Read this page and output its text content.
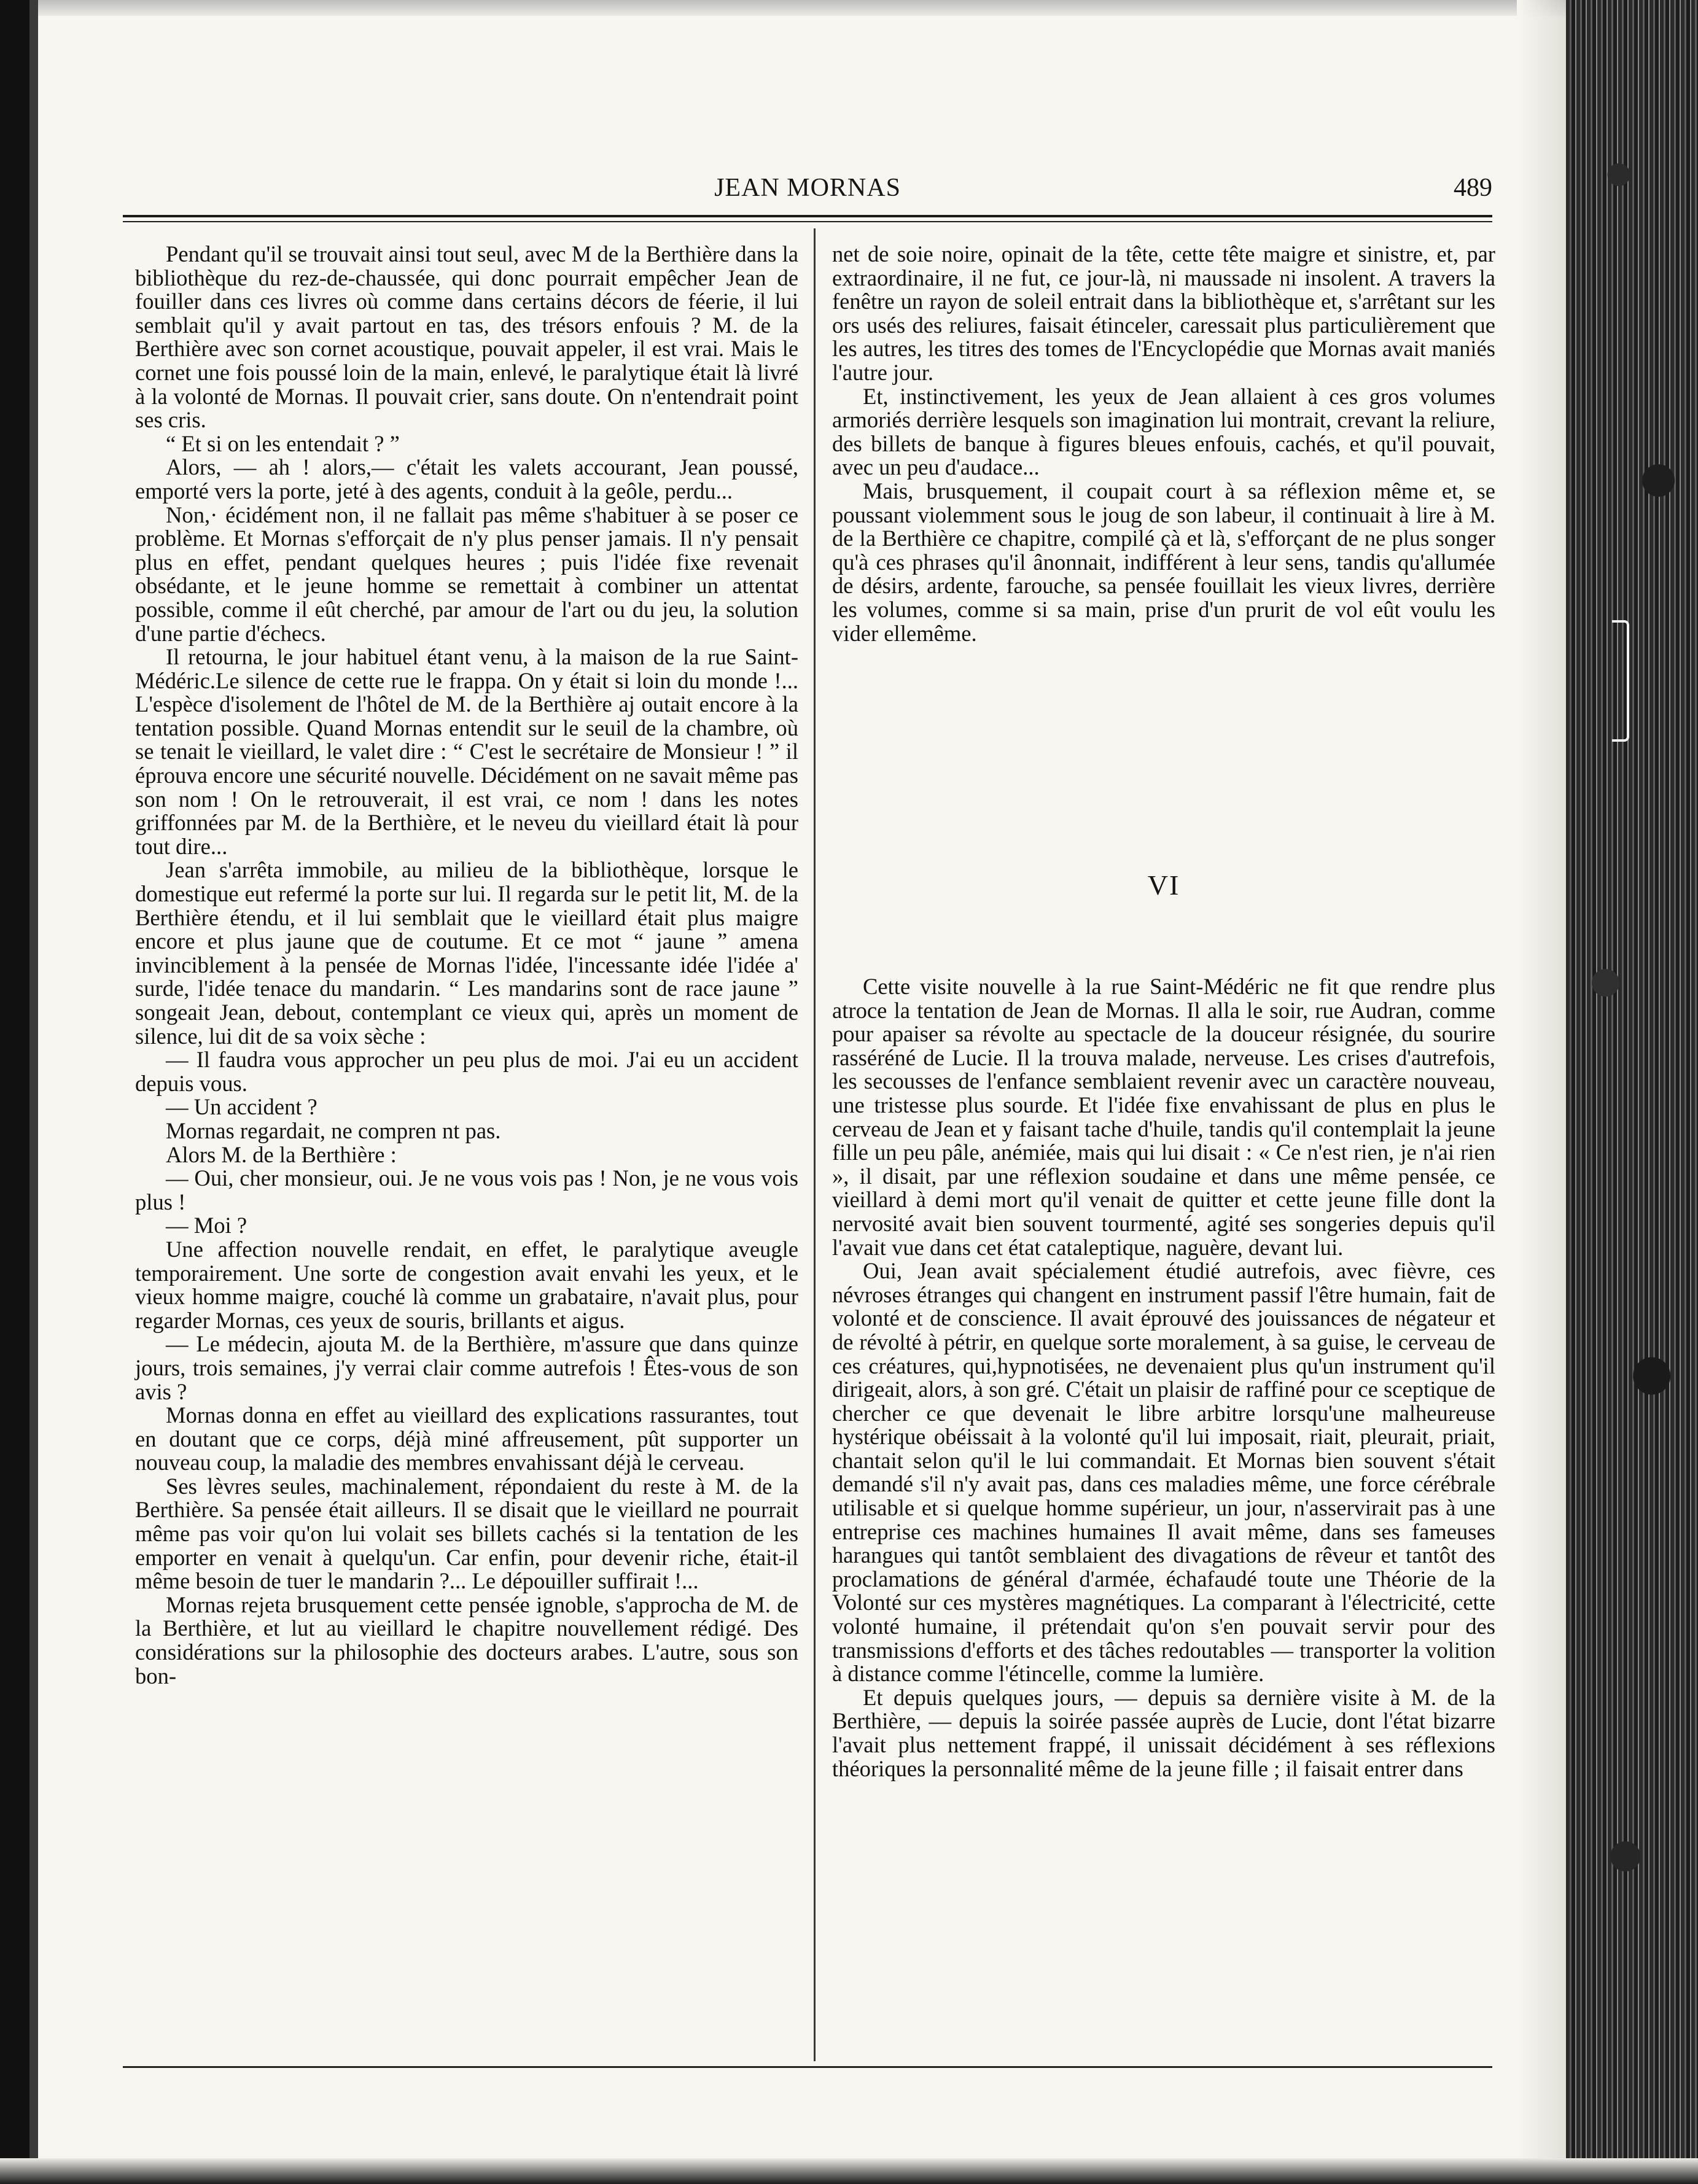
JEAN MORNAS	489

Pendant qu'il se trouvait ainsi tout seul, avec M de la Berthière dans la bibliothèque du rez-de-chaussée, qui donc pourrait empêcher Jean de fouiller dans ces livres où comme dans certains décors de féerie, il lui semblait qu'il y avait partout en tas, des trésors enfouis ? M. de la Berthière avec son cornet acoustique, pouvait appeler, il est vrai. Mais le cornet une fois poussé loin de la main, enlevé, le paralytique était là livré à la volonté de Mornas. Il pouvait crier, sans doute. On n'entendrait point ses cris.

“ Et si on les entendait ? ”

Alors, — ah ! alors,— c'était les valets accourant, Jean poussé, emporté vers la porte, jeté à des agents, conduit à la geôle, perdu...

Non,· écidément non, il ne fallait pas même s'habituer à se poser ce problème. Et Mornas s'efforçait de n'y plus penser jamais. Il n'y pensait plus en effet, pendant quelques heures ; puis l'idée fixe revenait obsédante, et le jeune homme se remettait à combiner un attentat possible, comme il eût cherché, par amour de l'art ou du jeu, la solution d'une partie d'échecs.

Il retourna, le jour habituel étant venu, à la maison de la rue Saint-Médéric.Le silence de cette rue le frappa. On y était si loin du monde !... L'espèce d'isolement de l'hôtel de M. de la Berthière aj outait encore à la tentation possible. Quand Mornas entendit sur le seuil de la chambre, où se tenait le vieillard, le valet dire : “ C'est le secrétaire de Monsieur ! ” il éprouva encore une sécurité nouvelle. Décidément on ne savait même pas son nom ! On le retrouverait, il est vrai, ce nom ! dans les notes griffonnées par M. de la Berthière, et le neveu du vieillard était là pour tout dire...

Jean s'arrêta immobile, au milieu de la bibliothèque, lorsque le domestique eut refermé la porte sur lui. Il regarda sur le petit lit, M. de la Berthière étendu, et il lui semblait que le vieillard était plus maigre encore et plus jaune que de coutume. Et ce mot “ jaune ” amena invinciblement à la pensée de Mornas l'idée, l'incessante idée l'idée a' surde, l'idée tenace du mandarin. “ Les mandarins sont de race jaune ” songeait Jean, debout, contemplant ce vieux qui, après un moment de silence, lui dit de sa voix sèche :

— Il faudra vous approcher un peu plus de moi. J'ai eu un accident depuis vous.

— Un accident ?

Mornas regardait, ne compren nt pas.

Alors M. de la Berthière :

— Oui, cher monsieur, oui. Je ne vous vois pas ! Non, je ne vous vois plus !

— Moi ?

Une affection nouvelle rendait, en effet, le paralytique aveugle temporairement. Une sorte de congestion avait envahi les yeux, et le vieux homme maigre, couché là comme un grabataire, n'avait plus, pour regarder Mornas, ces yeux de souris, brillants et aigus.

— Le médecin, ajouta M. de la Berthière, m'assure que dans quinze jours, trois semaines, j'y verrai clair comme autrefois ! Êtes-vous de son avis ?

Mornas donna en effet au vieillard des explications rassurantes, tout en doutant que ce corps, déjà miné affreusement, pût supporter un nouveau coup, la maladie des membres envahissant déjà le cerveau.

Ses lèvres seules, machinalement, répondaient du reste à M. de la Berthière. Sa pensée était ailleurs. Il se disait que le vieillard ne pourrait même pas voir qu'on lui volait ses billets cachés si la tentation de les emporter en venait à quelqu'un. Car enfin, pour devenir riche, était-il même besoin de tuer le mandarin ?... Le dépouiller suffirait !...

Mornas rejeta brusquement cette pensée ignoble, s'approcha de M. de la Berthière, et lut au vieillard le chapitre nouvellement rédigé. Des considérations sur la philosophie des docteurs arabes. L'autre, sous son bon-

net de soie noire, opinait de la tête, cette tête maigre et sinistre, et, par extraordinaire, il ne fut, ce jour-là, ni maussade ni insolent. A travers la fenêtre un rayon de soleil entrait dans la bibliothèque et, s'arrêtant sur les ors usés des reliures, faisait étinceler, caressait plus particulièrement que les autres, les titres des tomes de l'Encyclopédie que Mornas avait maniés l'autre jour.

Et, instinctivement, les yeux de Jean allaient à ces gros volumes armoriés derrière lesquels son imagination lui montrait, crevant la reliure, des billets de banque à figures bleues enfouis, cachés, et qu'il pouvait, avec un peu d'audace...

Mais, brusquement, il coupait court à sa réflexion même et, se poussant violemment sous le joug de son labeur, il continuait à lire à M. de la Berthière ce chapitre, compilé çà et là, s'efforçant de ne plus songer qu'à ces phrases qu'il ânonnait, indifférent à leur sens, tandis qu'allumée de désirs, ardente, farouche, sa pensée fouillait les vieux livres, derrière les volumes, comme si sa main, prise d'un prurit de vol eût voulu les vider ellemême.

VI

Cette visite nouvelle à la rue Saint-Médéric ne fit que rendre plus atroce la tentation de Jean de Mornas. Il alla le soir, rue Audran, comme pour apaiser sa révolte au spectacle de la douceur résignée, du sourire rasséréné de Lucie. Il la trouva malade, nerveuse. Les crises d'autrefois, les secousses de l'enfance semblaient revenir avec un caractère nouveau, une tristesse plus sourde. Et l'idée fixe envahissant de plus en plus le cerveau de Jean et y faisant tache d'huile, tandis qu'il contemplait la jeune fille un peu pâle, anémiée, mais qui lui disait : « Ce n'est rien, je n'ai rien », il disait, par une réflexion soudaine et dans une même pensée, ce vieillard à demi mort qu'il venait de quitter et cette jeune fille dont la nervosité avait bien souvent tourmenté, agité ses songeries depuis qu'il l'avait vue dans cet état cataleptique, naguère, devant lui.

Oui, Jean avait spécialement étudié autrefois, avec fièvre, ces névroses étranges qui changent en instrument passif l'être humain, fait de volonté et de conscience. Il avait éprouvé des jouissances de négateur et de révolté à pétrir, en quelque sorte moralement, à sa guise, le cerveau de ces créatures, qui,hypnotisées, ne devenaient plus qu'un instrument qu'il dirigeait, alors, à son gré. C'était un plaisir de raffiné pour ce sceptique de chercher ce que devenait le libre arbitre lorsqu'une malheureuse hystérique obéissait à la volonté qu'il lui imposait, riait, pleurait, priait, chantait selon qu'il le lui commandait. Et Mornas bien souvent s'était demandé s'il n'y avait pas, dans ces maladies même, une force cérébrale utilisable et si quelque homme supérieur, un jour, n'asservirait pas à une entreprise ces machines humaines Il avait même, dans ses fameuses harangues qui tantôt semblaient des divagations de rêveur et tantôt des proclamations de général d'armée, échafaudé toute une Théorie de la Volonté sur ces mystères magnétiques. La comparant à l'électricité, cette volonté humaine, il prétendait qu'on s'en pouvait servir pour des transmissions d'efforts et des tâches redoutables — transporter la volition à distance comme l'étincelle, comme la lumière.

Et depuis quelques jours, — depuis sa dernière visite à M. de la Berthière, — depuis la soirée passée auprès de Lucie, dont l'état bizarre l'avait plus nettement frappé, il unissait décidément à ses réflexions théoriques la personnalité même de la jeune fille ; il faisait entrer dans
